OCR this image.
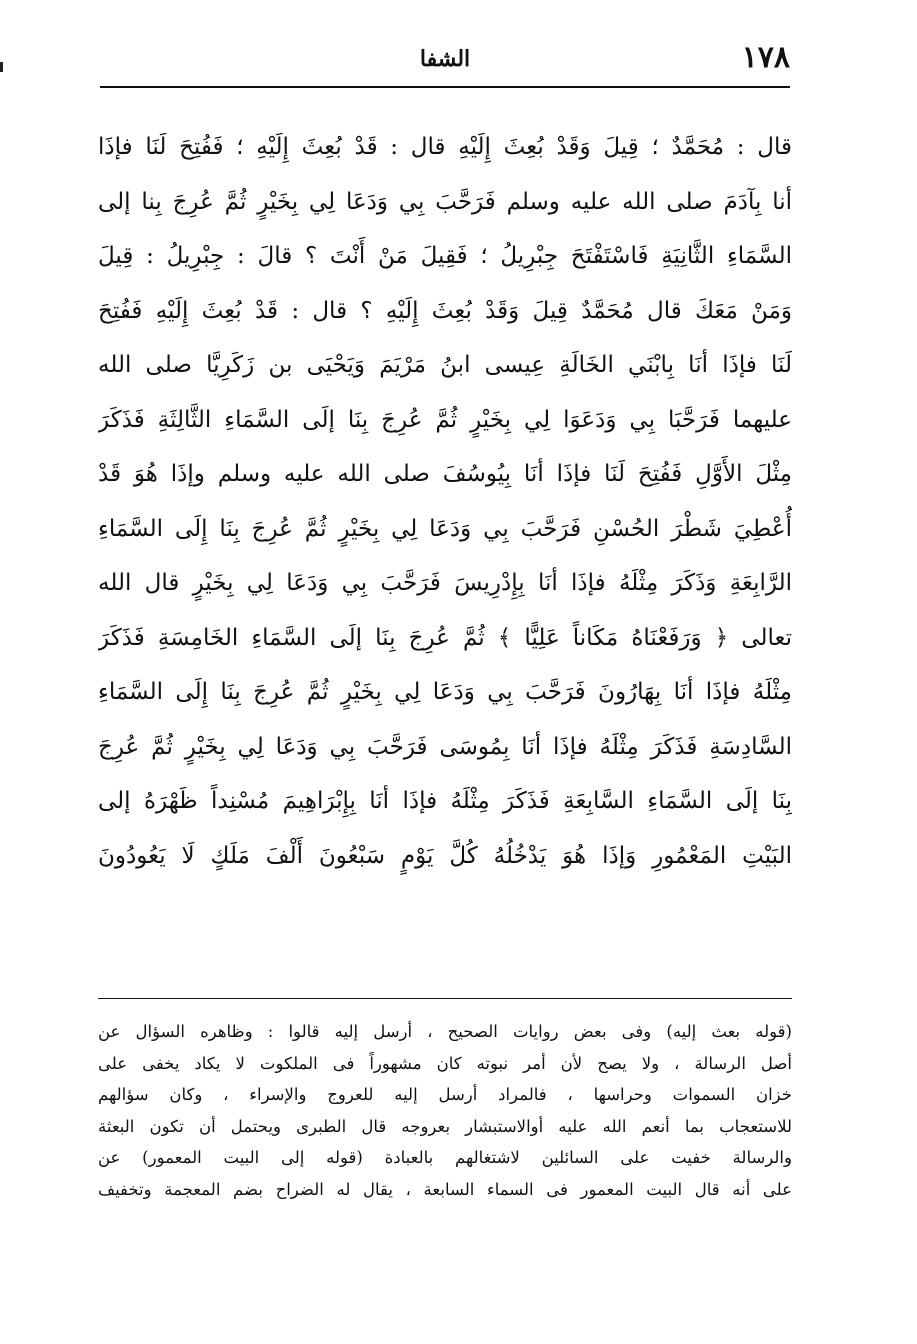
١٧٨
الشفا
قال : مُحَمَّدٌ ؛ قِيلَ وَقَدْ بُعِثَ إِلَيْهِ قال : قَدْ بُعِثَ إِلَيْهِ ؛ فَفُتِحَ لَنَا فإذَا
أنا بِآدَمَ صلى الله عليه وسلم فَرَحَّبَ بِي وَدَعَا لِي بِخَيْرٍ ثُمَّ عُرِجَ بِنا إلى
السَّمَاءِ الثَّانِيَةِ فَاسْتَفْتَحَ جِبْرِيلُ ؛ فَقِيلَ مَنْ أَنْتَ ؟ قالَ : جِبْرِيلُ : قِيلَ
وَمَنْ مَعَكَ قال مُحَمَّدٌ قِيلَ وَقَدْ بُعِثَ إِلَيْهِ ؟ قال : قَدْ بُعِثَ إِلَيْهِ فَفُتِحَ
لَنَا فإذَا أنَا بِابْنَي الخَالَةِ عِيسى ابنُ مَرْيَمَ وَيَحْيَى بن زَكَرِيَّا صلى الله
عليهما فَرَحَّبَا بِي وَدَعَوَا لِي بِخَيْرٍ ثُمَّ عُرِجَ بِنَا إلَى السَّمَاءِ الثَّالِثَةِ فَذَكَرَ
مِثْلَ الأَوَّلِ فَفُتِحَ لَنَا فإذَا أنَا بِيُوسُفَ صلى الله عليه وسلم وإذَا هُوَ قَدْ
أُعْطِيَ شَطْرَ الحُسْنِ فَرَحَّبَ بِي وَدَعَا لِي بِخَيْرٍ ثُمَّ عُرِجَ بِنَا إِلَى السَّمَاءِ
الرَّابِعَةِ وَذَكَرَ مِثْلَهُ فإذَا أنَا بِإِدْرِيسَ فَرَحَّبَ بِي وَدَعَا لِي بِخَيْرٍ قال الله
تعالى ﴿ وَرَفَعْنَاهُ مَكَاناً عَلِيًّا ﴾ ثُمَّ عُرِجَ بِنَا إلَى السَّمَاءِ الخَامِسَةِ فَذَكَرَ
مِثْلَهُ فإذَا أنَا بِهَارُونَ فَرَحَّبَ بِي وَدَعَا لِي بِخَيْرٍ ثُمَّ عُرِجَ بِنَا إِلَى السَّمَاءِ
السَّادِسَةِ فَذَكَرَ مِثْلَهُ فإذَا أنَا بِمُوسَى فَرَحَّبَ بِي وَدَعَا لِي بِخَيْرٍ ثُمَّ عُرِجَ
بِنَا إلَى السَّمَاءِ السَّابِعَةِ فَذَكَرَ مِثْلَهُ فإذَا أنَا بِإِبْرَاهِيمَ مُسْنِداً ظَهْرَهُ إلى
البَيْتِ المَعْمُورِ وَإذَا هُوَ يَدْخُلُهُ كُلَّ يَوْمٍ سَبْعُونَ أَلْفَ مَلَكٍ لَا يَعُودُونَ
(قوله بعث إليه) وفى بعض روايات الصحيح ، أرسل إليه قالوا : وظاهره السؤال عن
أصل الرسالة ، ولا يصح لأن أمر نبوته كان مشهوراً فى الملكوت لا يكاد يخفى على
خزان السموات وحراسها ، فالمراد أرسل إليه للعروج والإسراء ، وكان سؤالهم
للاستعجاب بما أنعم الله عليه أوالاستبشار بعروجه قال الطبرى ويحتمل أن تكون البعثة
والرسالة خفيت على السائلين لاشتغالهم بالعبادة (قوله إلى البيت المعمور) عن
على أنه قال البيت المعمور فى السماء السابعة ، يقال له الضراح بضم المعجمة وتخفيف
